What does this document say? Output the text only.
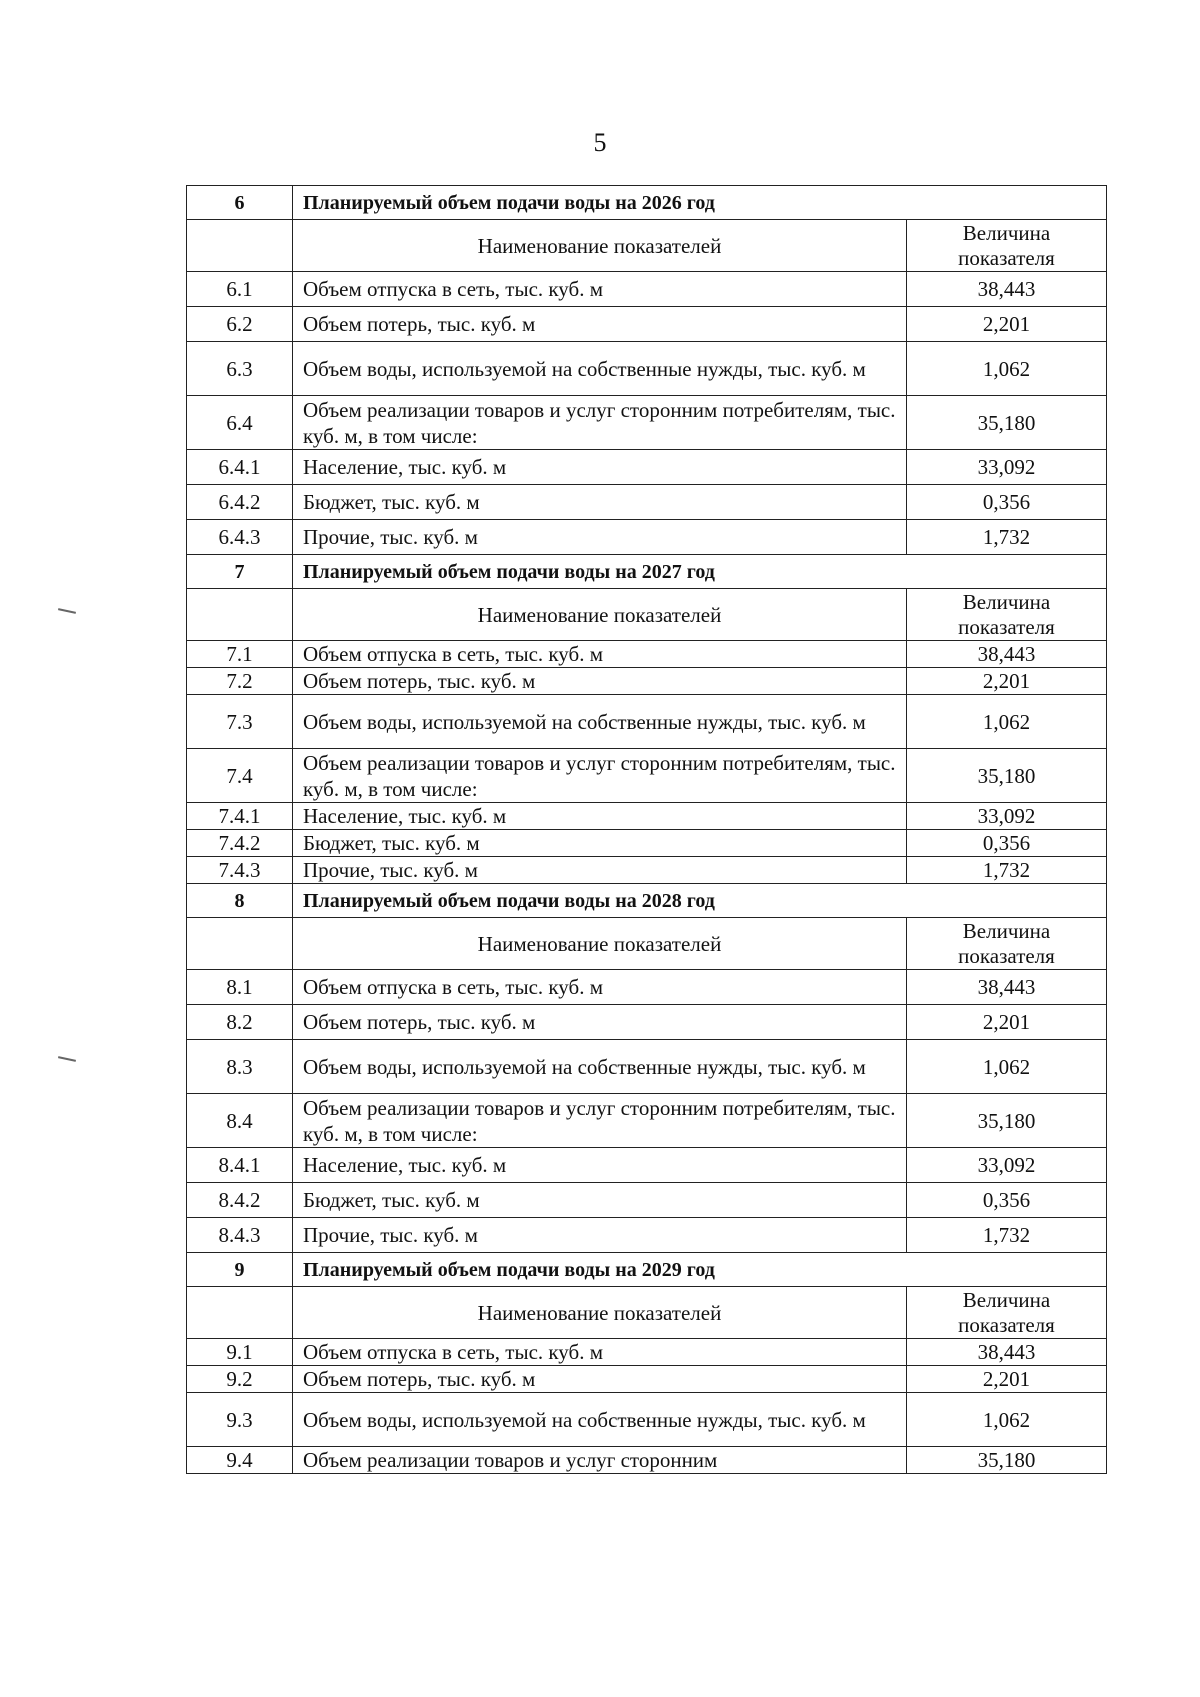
5
6	Планируемый объем подачи воды на 2026 год	
	Наименование показателей	Величина показателя
6.1	Объем отпуска в сеть, тыс. куб. м	38,443
6.2	Объем потерь, тыс. куб. м	2,201
6.3	Объем воды, используемой на собственные нужды, тыс. куб. м	1,062
6.4	Объем реализации товаров и услуг сторонним потребителям, тыс. куб. м, в том числе:	35,180
6.4.1	Население, тыс. куб. м	33,092
6.4.2	Бюджет, тыс. куб. м	0,356
6.4.3	Прочие, тыс. куб. м	1,732
7	Планируемый объем подачи воды на 2027 год	
	Наименование показателей	Величина показателя
7.1	Объем отпуска в сеть, тыс. куб. м	38,443
7.2	Объем потерь, тыс. куб. м	2,201
7.3	Объем воды, используемой на собственные нужды, тыс. куб. м	1,062
7.4	Объем реализации товаров и услуг сторонним потребителям, тыс. куб. м, в том числе:	35,180
7.4.1	Население, тыс. куб. м	33,092
7.4.2	Бюджет, тыс. куб. м	0,356
7.4.3	Прочие, тыс. куб. м	1,732
8	Планируемый объем подачи воды на 2028 год	
	Наименование показателей	Величина показателя
8.1	Объем отпуска в сеть, тыс. куб. м	38,443
8.2	Объем потерь, тыс. куб. м	2,201
8.3	Объем воды, используемой на собственные нужды, тыс. куб. м	1,062
8.4	Объем реализации товаров и услуг сторонним потребителям, тыс. куб. м, в том числе:	35,180
8.4.1	Население, тыс. куб. м	33,092
8.4.2	Бюджет, тыс. куб. м	0,356
8.4.3	Прочие, тыс. куб. м	1,732
9	Планируемый объем подачи воды на 2029 год	
	Наименование показателей	Величина показателя
9.1	Объем отпуска в сеть, тыс. куб. м	38,443
9.2	Объем потерь, тыс. куб. м	2,201
9.3	Объем воды, используемой на собственные нужды, тыс. куб. м	1,062
9.4	Объем реализации товаров и услуг сторонним	35,180
